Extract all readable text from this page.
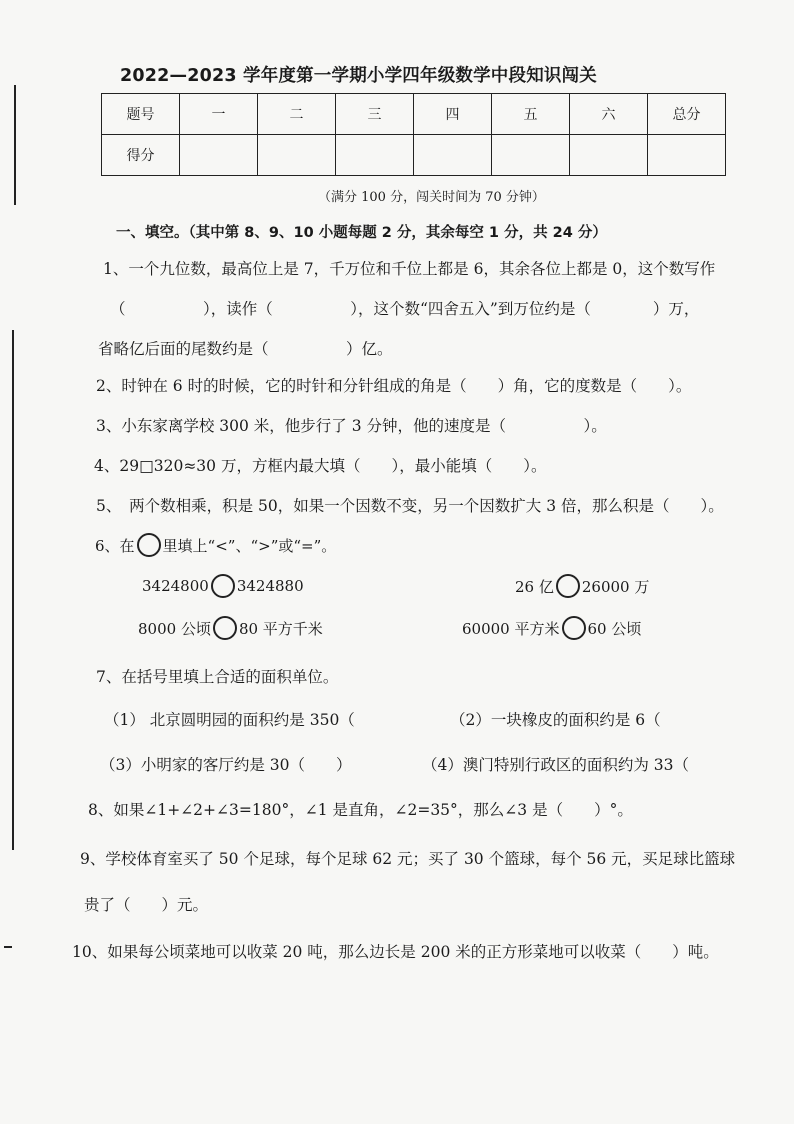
2022—2023 学年度第一学期小学四年级数学中段知识闯关
题号	一	二	三	四	五	六	总分
得分							
（满分 100 分，闯关时间为 70 分钟）
一、填空。（其中第 8、9、10 小题每题 2 分，其余每空 1 分，共 24 分）
1、一个九位数，最高位上是 7，千万位和千位上都是 6，其余各位上都是 0，这个数写作
（　　　　　），读作（　　　　　），这个数“四舍五入”到万位约是（　　　　）万，
省略亿后面的尾数约是（　　　　　）亿。
2、时钟在 6 时的时候，它的时针和分针组成的角是（　　）角，它的度数是（　　）。
3、小东家离学校 300 米，他步行了 3 分钟，他的速度是（　　　　　）。
4、29□320≈30 万，方框内最大填（　　），最小能填（　　）。
5、　两个数相乘，积是 50，如果一个因数不变，另一个因数扩大 3 倍，那么积是（　　）。
6、在 里填上“<”、“>”或“=”。
3424800 3424880	26 亿 26000 万
8000 公顷 80 平方千米	60000 平方米 60 公顷
7、在括号里填上合适的面积单位。
（1） 北京圆明园的面积约是 350（	（2）一块橡皮的面积约是 6（
（3）小明家的客厅约是 30（　　）	（4）澳门特别行政区的面积约为 33（
8、如果∠1+∠2+∠3=180°，∠1 是直角，∠2=35°，那么∠3 是（　　）°。
9、学校体育室买了 50 个足球，每个足球 62 元；买了 30 个篮球，每个 56 元，买足球比篮球
贵了（　　）元。
10、如果每公顷菜地可以收菜 20 吨，那么边长是 200 米的正方形菜地可以收菜（　　）吨。
